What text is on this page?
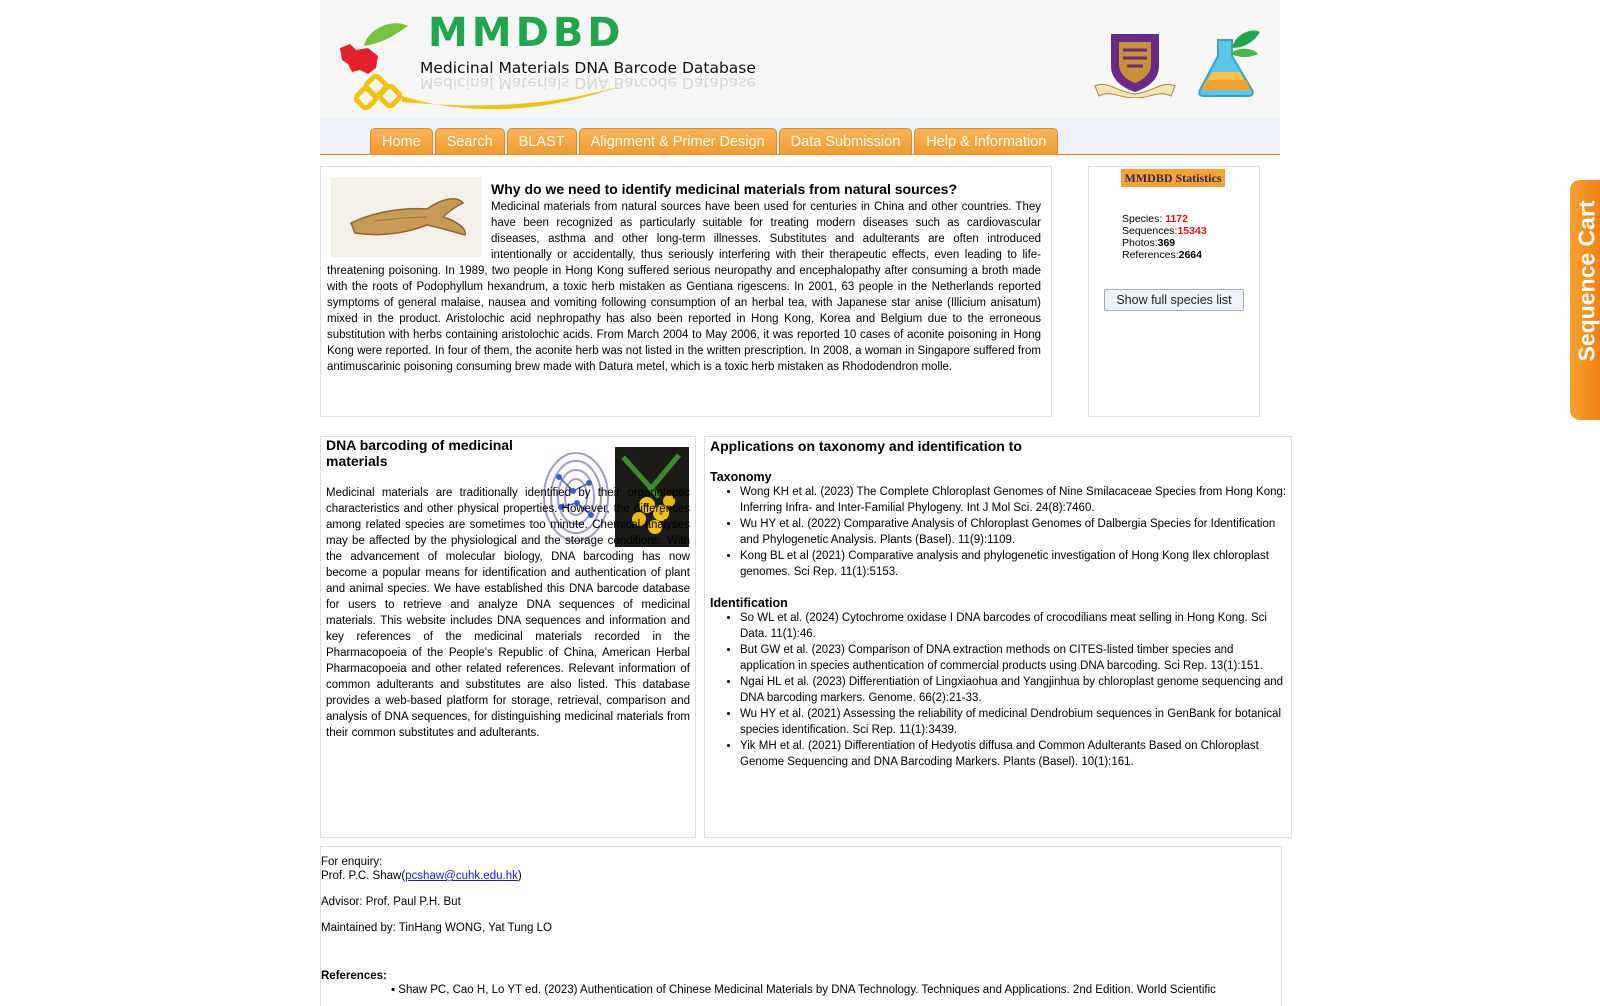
MMDBD
Medicinal Materials DNA Barcode Database
Medicinal Materials DNA Barcode Database
Home	Search	BLAST	Alignment & Primer Design	Data Submission	Help & Information
Why do we need to identify medicinal materials from natural sources?

Medicinal materials from natural sources have been used for centuries in China and other countries. They have been recognized as particularly suitable for treating modern diseases such as cardiovascular diseases, asthma and other long-term illnesses. Substitutes and adulterants are often introduced intentionally or accidentally, thus seriously interfering with their therapeutic effects, even leading to life-threatening poisoning. In 1989, two people in Hong Kong suffered serious neuropathy and encephalopathy after consuming a broth made with the roots of Podophyllum hexandrum, a toxic herb mistaken as Gentiana rigescens. In 2001, 63 people in the Netherlands reported symptoms of general malaise, nausea and vomiting following consumption of an herbal tea, with Japanese star anise (Illicium anisatum) mixed in the product. Aristolochic acid nephropathy has also been reported in Hong Kong, Korea and Belgium due to the erroneous substitution with herbs containing aristolochic acids. From March 2004 to May 2006, it was reported 10 cases of aconite poisoning in Hong Kong were reported. In four of them, the aconite herb was not listed in the written prescription. In 2008, a woman in Singapore suffered from antimuscarinic poisoning consuming brew made with Datura metel, which is a toxic herb mistaken as Rhododendron molle.

MMDBD Statistics
Species: 1172
Sequences:15343
Photos:369
References:2664
Show full species list
DNA barcoding of medicinal materials

Medicinal materials are traditionally identified by their organoleptic characteristics and other physical properties. However, the differences among related species are sometimes too minute. Chemical analyses may be affected by the physiological and the storage conditions. With the advancement of molecular biology, DNA barcoding has now become a popular means for identification and authentication of plant and animal species. We have established this DNA barcode database for users to retrieve and analyze DNA sequences of medicinal materials. This website includes DNA sequences and information and key references of the medicinal materials recorded in the Pharmacopoeia of the People’s Republic of China, American Herbal Pharmacopoeia and other related references. Relevant information of common adulterants and substitutes are also listed. This database provides a web-based platform for storage, retrieval, comparison and analysis of DNA sequences, for distinguishing medicinal materials from their common substitutes and adulterants.

Applications on taxonomy and identification to
Taxonomy
• Wong KH et al. (2023) The Complete Chloroplast Genomes of Nine Smilacaceae Species from Hong Kong: Inferring Infra- and Inter-Familial Phylogeny. Int J Mol Sci. 24(8):7460.
• Wu HY et al. (2022) Comparative Analysis of Chloroplast Genomes of Dalbergia Species for Identification and Phylogenetic Analysis. Plants (Basel). 11(9):1109.
• Kong BL et al (2021) Comparative analysis and phylogenetic investigation of Hong Kong Ilex chloroplast genomes. Sci Rep. 11(1):5153.
Identification
• So WL et al. (2024) Cytochrome oxidase I DNA barcodes of crocodilians meat selling in Hong Kong. Sci Data. 11(1):46.
• But GW et al. (2023) Comparison of DNA extraction methods on CITES-listed timber species and application in species authentication of commercial products using DNA barcoding. Sci Rep. 13(1):151.
• Ngai HL et al. (2023) Differentiation of Lingxiaohua and Yangjinhua by chloroplast genome sequencing and DNA barcoding markers. Genome. 66(2):21-33.
• Wu HY et al. (2021) Assessing the reliability of medicinal Dendrobium sequences in GenBank for botanical species identification. Sci Rep. 11(1):3439.
• Yik MH et al. (2021) Differentiation of Hedyotis diffusa and Common Adulterants Based on Chloroplast Genome Sequencing and DNA Barcoding Markers. Plants (Basel). 10(1):161.
For enquiry:
Prof. P.C. Shaw(pcshaw@cuhk.edu.hk)
Advisor: Prof. Paul P.H. But
Maintained by: TinHang WONG, Yat Tung LO
References:
▪ Shaw PC, Cao H, Lo YT ed. (2023) Authentication of Chinese Medicinal Materials by DNA Technology. Techniques and Applications. 2nd Edition. World Scientific
Sequence Cart
